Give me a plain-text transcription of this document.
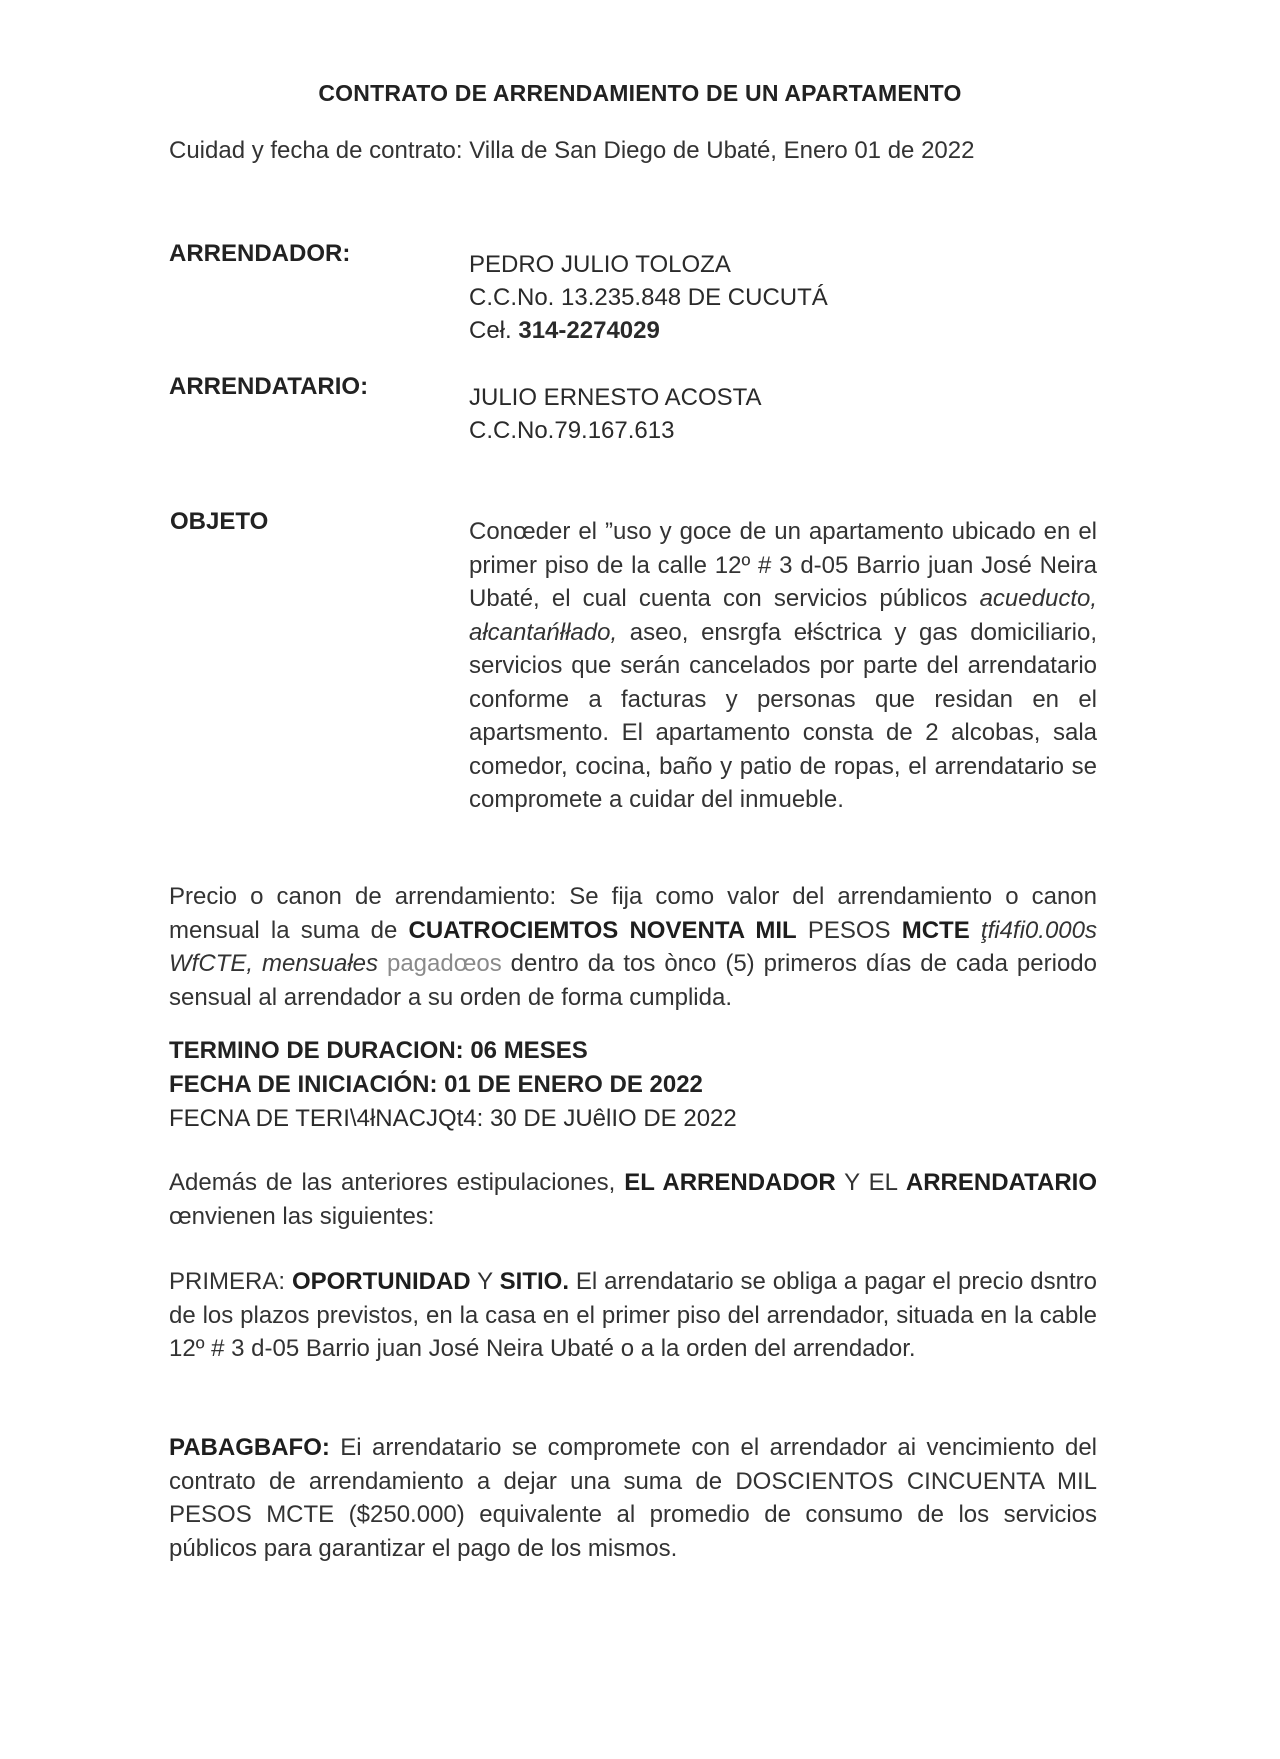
CONTRATO DE ARRENDAMIENTO DE UN APARTAMENTO
Cuidad y fecha de contrato: Villa de San Diego de Ubaté, Enero 01 de 2022
ARRENDADOR:	PEDRO JULIO TOLOZA
C.C.No. 13.235.848 DE CUCUTÁ
Ceł. 314-2274029
ARRENDATARIO:	JULIO ERNESTO ACOSTA
C.C.No.79.167.613
OBJETO	Conœder el ”uso y goce de un apartamento ubicado en el primer piso de la calle 12º # 3 d-05 Barrio juan José Neira Ubaté, el cual cuenta con servicios públicos acueducto, ałcantańłłado, aseo, ensrgfa ełśctrica y gas domiciliario, servicios que serán cancelados por parte del arrendatario conforme a facturas y personas que residan en el apartsmento. El apartamento consta de 2 alcobas, sala comedor, cocina, baño y patio de ropas, el arrendatario se compromete a cuidar del inmueble.
Precio o canon de arrendamiento: Se fija como valor del arrendamiento o canon mensual la suma de CUATROCIEMTOS NOVENTA MIL PESOS MCTE ţfi4fi0.000s WfCTE, mensuałes pagadœos dentro da tos ònco (5) primeros días de cada periodo sensual al arrendador a su orden de forma cumplida.
TERMINO DE DURACION: 06 MESES
FECHA DE INICIACIÓN: 01 DE ENERO DE 2022
FECNA DE TERI\4łNACJQt4: 30 DE JUêlIO DE 2022
Además de las anteriores estipulaciones, EL ARRENDADOR Y EL ARRENDATARIO œnvienen las siguientes:
PRIMERA: OPORTUNIDAD Y SITIO. El arrendatario se obliga a pagar el precio dsntro de los plazos previstos, en la casa en el primer piso del arrendador, situada en la cable 12º # 3 d-05 Barrio juan José Neira Ubaté o a la orden del arrendador.
PABAGBAFO: Ei arrendatario se compromete con el arrendador ai vencimiento del contrato de arrendamiento a dejar una suma de DOSCIENTOS CINCUENTA MIL PESOS MCTE ($250.000) equivalente al promedio de consumo de los servicios públicos para garantizar el pago de los mismos.
